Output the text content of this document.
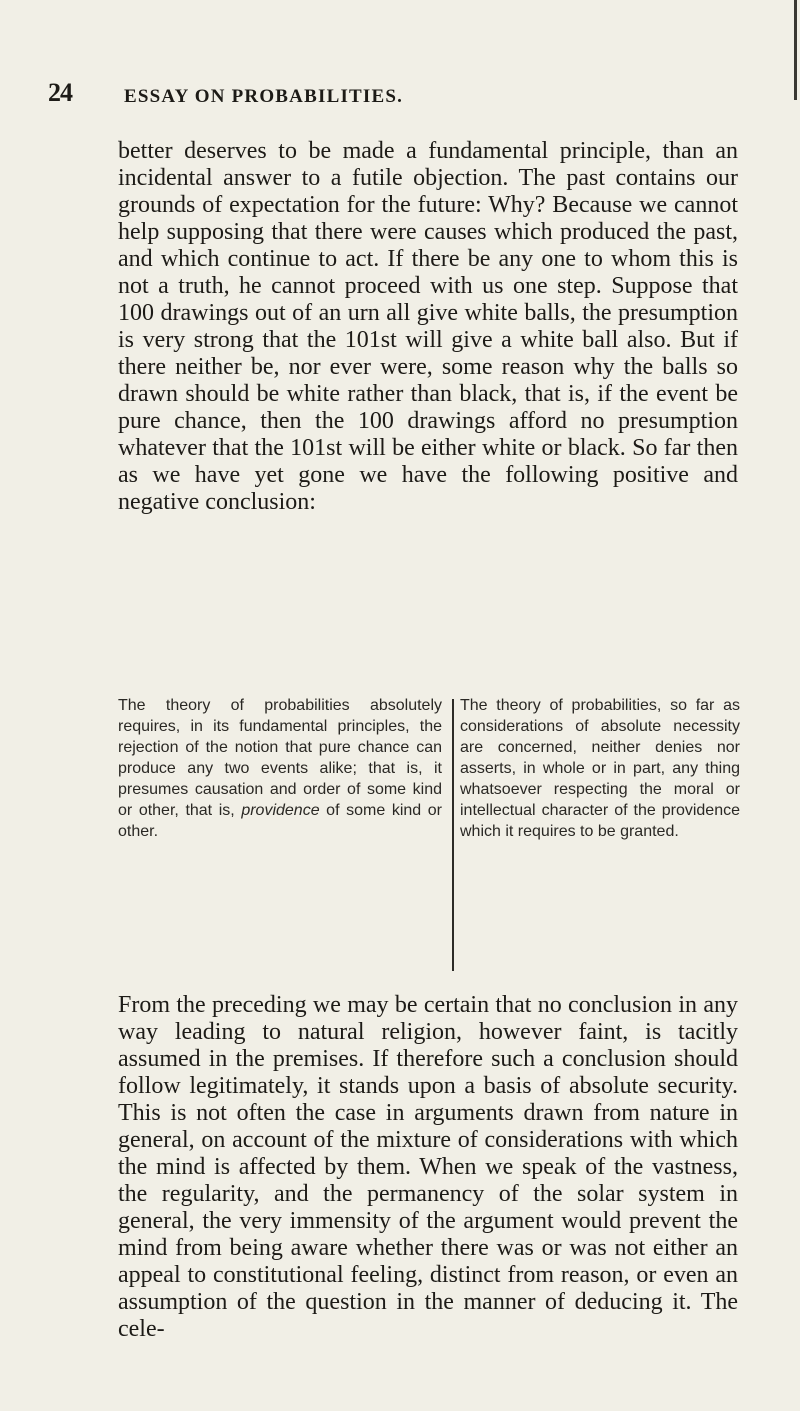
24	ESSAY ON PROBABILITIES.

better deserves to be made a fundamental principle, than an incidental answer to a futile objection. The past contains our grounds of expectation for the future: Why? Because we cannot help supposing that there were causes which produced the past, and which continue to act. If there be any one to whom this is not a truth, he cannot proceed with us one step. Suppose that 100 drawings out of an urn all give white balls, the presumption is very strong that the 101st will give a white ball also. But if there neither be, nor ever were, some reason why the balls so drawn should be white rather than black, that is, if the event be pure chance, then the 100 drawings afford no presumption whatever that the 101st will be either white or black. So far then as we have yet gone we have the following positive and negative conclusion:

The theory of probabilities absolutely requires, in its fundamental principles, the rejection of the notion that pure chance can produce any two events alike; that is, it presumes causation and order of some kind or other, that is, providence of some kind or other.
The theory of probabilities, so far as considerations of absolute necessity are concerned, neither denies nor asserts, in whole or in part, any thing whatsoever respecting the moral or intellectual character of the providence which it requires to be granted.

From the preceding we may be certain that no conclusion in any way leading to natural religion, however faint, is tacitly assumed in the premises. If therefore such a conclusion should follow legitimately, it stands upon a basis of absolute security. This is not often the case in arguments drawn from nature in general, on account of the mixture of considerations with which the mind is affected by them. When we speak of the vastness, the regularity, and the permanency of the solar system in general, the very immensity of the argument would prevent the mind from being aware whether there was or was not either an appeal to constitutional feeling, distinct from reason, or even an assumption of the question in the manner of deducing it. The cele-
